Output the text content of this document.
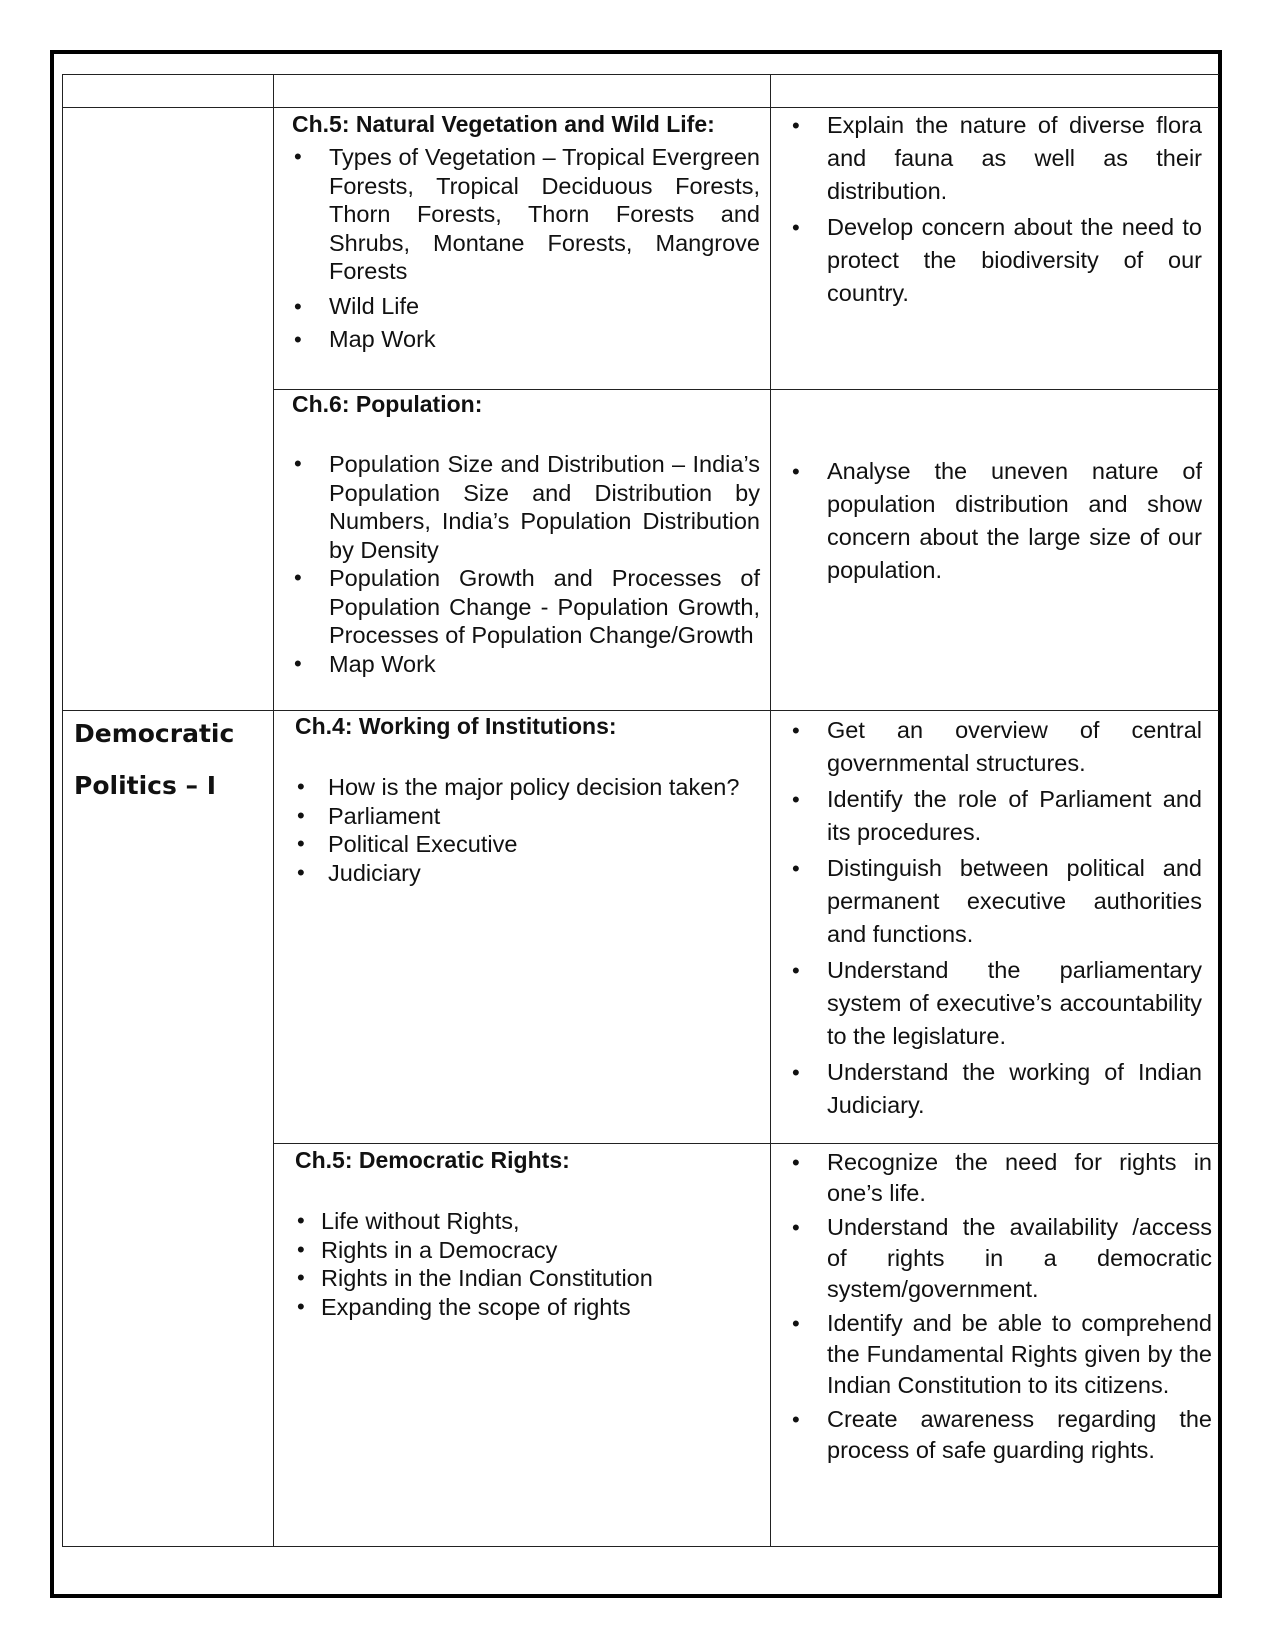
Ch.5: Natural Vegetation and Wild Life:
• Types of Vegetation – Tropical Evergreen Forests, Tropical Deciduous Forests, Thorn Forests, Thorn Forests and Shrubs, Montane Forests, Mangrove Forests
• Wild Life
• Map Work
• Explain the nature of diverse flora and fauna as well as their distribution.
• Develop concern about the need to protect the biodiversity of our country.
Ch.6: Population:
• Population Size and Distribution – India’s Population Size and Distribution by Numbers, India’s Population Distribution by Density
• Population Growth and Processes of Population Change - Population Growth, Processes of Population Change/Growth
• Map Work
• Analyse the uneven nature of population distribution and show concern about the large size of our population.
Democratic Politics – I
Ch.4: Working of Institutions:
• How is the major policy decision taken?
• Parliament
• Political Executive
• Judiciary
• Get an overview of central governmental structures.
• Identify the role of Parliament and its procedures.
• Distinguish between political and permanent executive authorities and functions.
• Understand the parliamentary system of executive’s accountability to the legislature.
• Understand the working of Indian Judiciary.
Ch.5: Democratic Rights:
• Life without Rights,
• Rights in a Democracy
• Rights in the Indian Constitution
• Expanding the scope of rights
• Recognize the need for rights in one’s life.
• Understand the availability /access of rights in a democratic system/government.
• Identify and be able to comprehend the Fundamental Rights given by the Indian Constitution to its citizens.
• Create awareness regarding the process of safe guarding rights.
